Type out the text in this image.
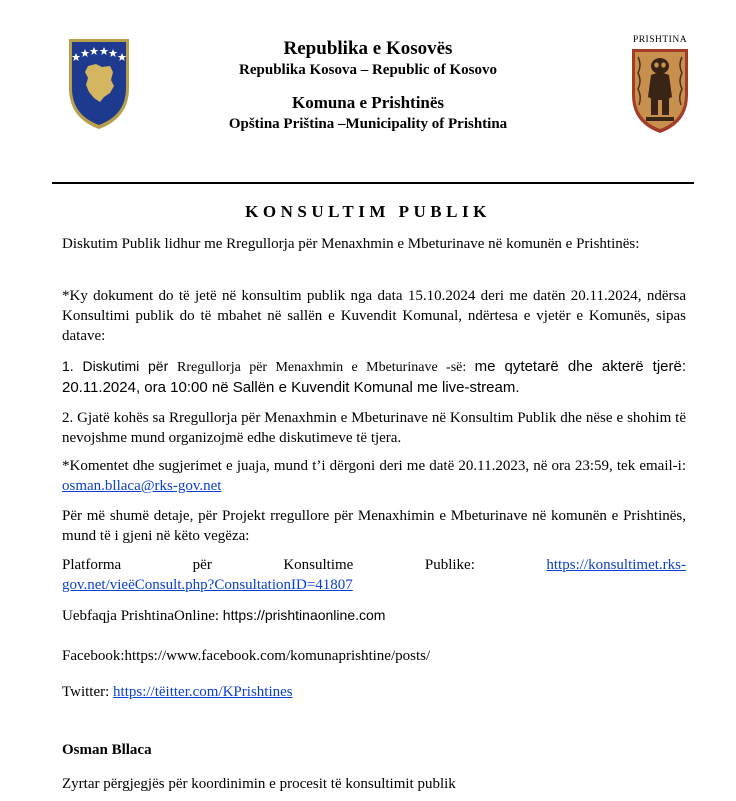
Republika e Kosovës
Republika Kosova – Republic of Kosovo
Komuna e Prishtinës
Opština Priština –Municipality of Prishtina
PRISHTINA
KONSULTIM PUBLIK

Diskutim Publik lidhur me Rregullorja për Menaxhmin e Mbeturinave në komunën e Prishtinës:

*Ky dokument do të jetë në konsultim publik nga data 15.10.2024 deri me datën 20.11.2024, ndërsa Konsultimi publik do të mbahet në sallën e Kuvendit Komunal, ndërtesa e vjetër e Komunës, sipas datave:

1. Diskutimi për Rregullorja për Menaxhmin e Mbeturinave -së: me qytetarë dhe akterë tjerë: 20.11.2024, ora 10:00 në Sallën e Kuvendit Komunal me live-stream.

2. Gjatë kohës sa Rregullorja për Menaxhmin e Mbeturinave në Konsultim Publik dhe nëse e shohim të nevojshme mund organizojmë edhe diskutimeve të tjera.

*Komentet dhe sugjerimet e juaja, mund t’i dërgoni deri me datë 20.11.2023, në ora 23:59, tek email-i: osman.bllaca@rks-gov.net

Për më shumë detaje, për Projekt rregullore për Menaxhimin e Mbeturinave në komunën e Prishtinës, mund të i gjeni në këto vegëza:

Platforma	për	Konsultime	Publike:	https://konsultimet.rks-
gov.net/vieëConsult.php?ConsultationID=41807

Uebfaqja PrishtinaOnline: https://prishtinaonline.com

Facebook:https://www.facebook.com/komunaprishtine/posts/

Twitter: https://tëitter.com/KPrishtines

Osman Bllaca

Zyrtar përgjegjës për koordinimin e procesit të konsultimit publik
